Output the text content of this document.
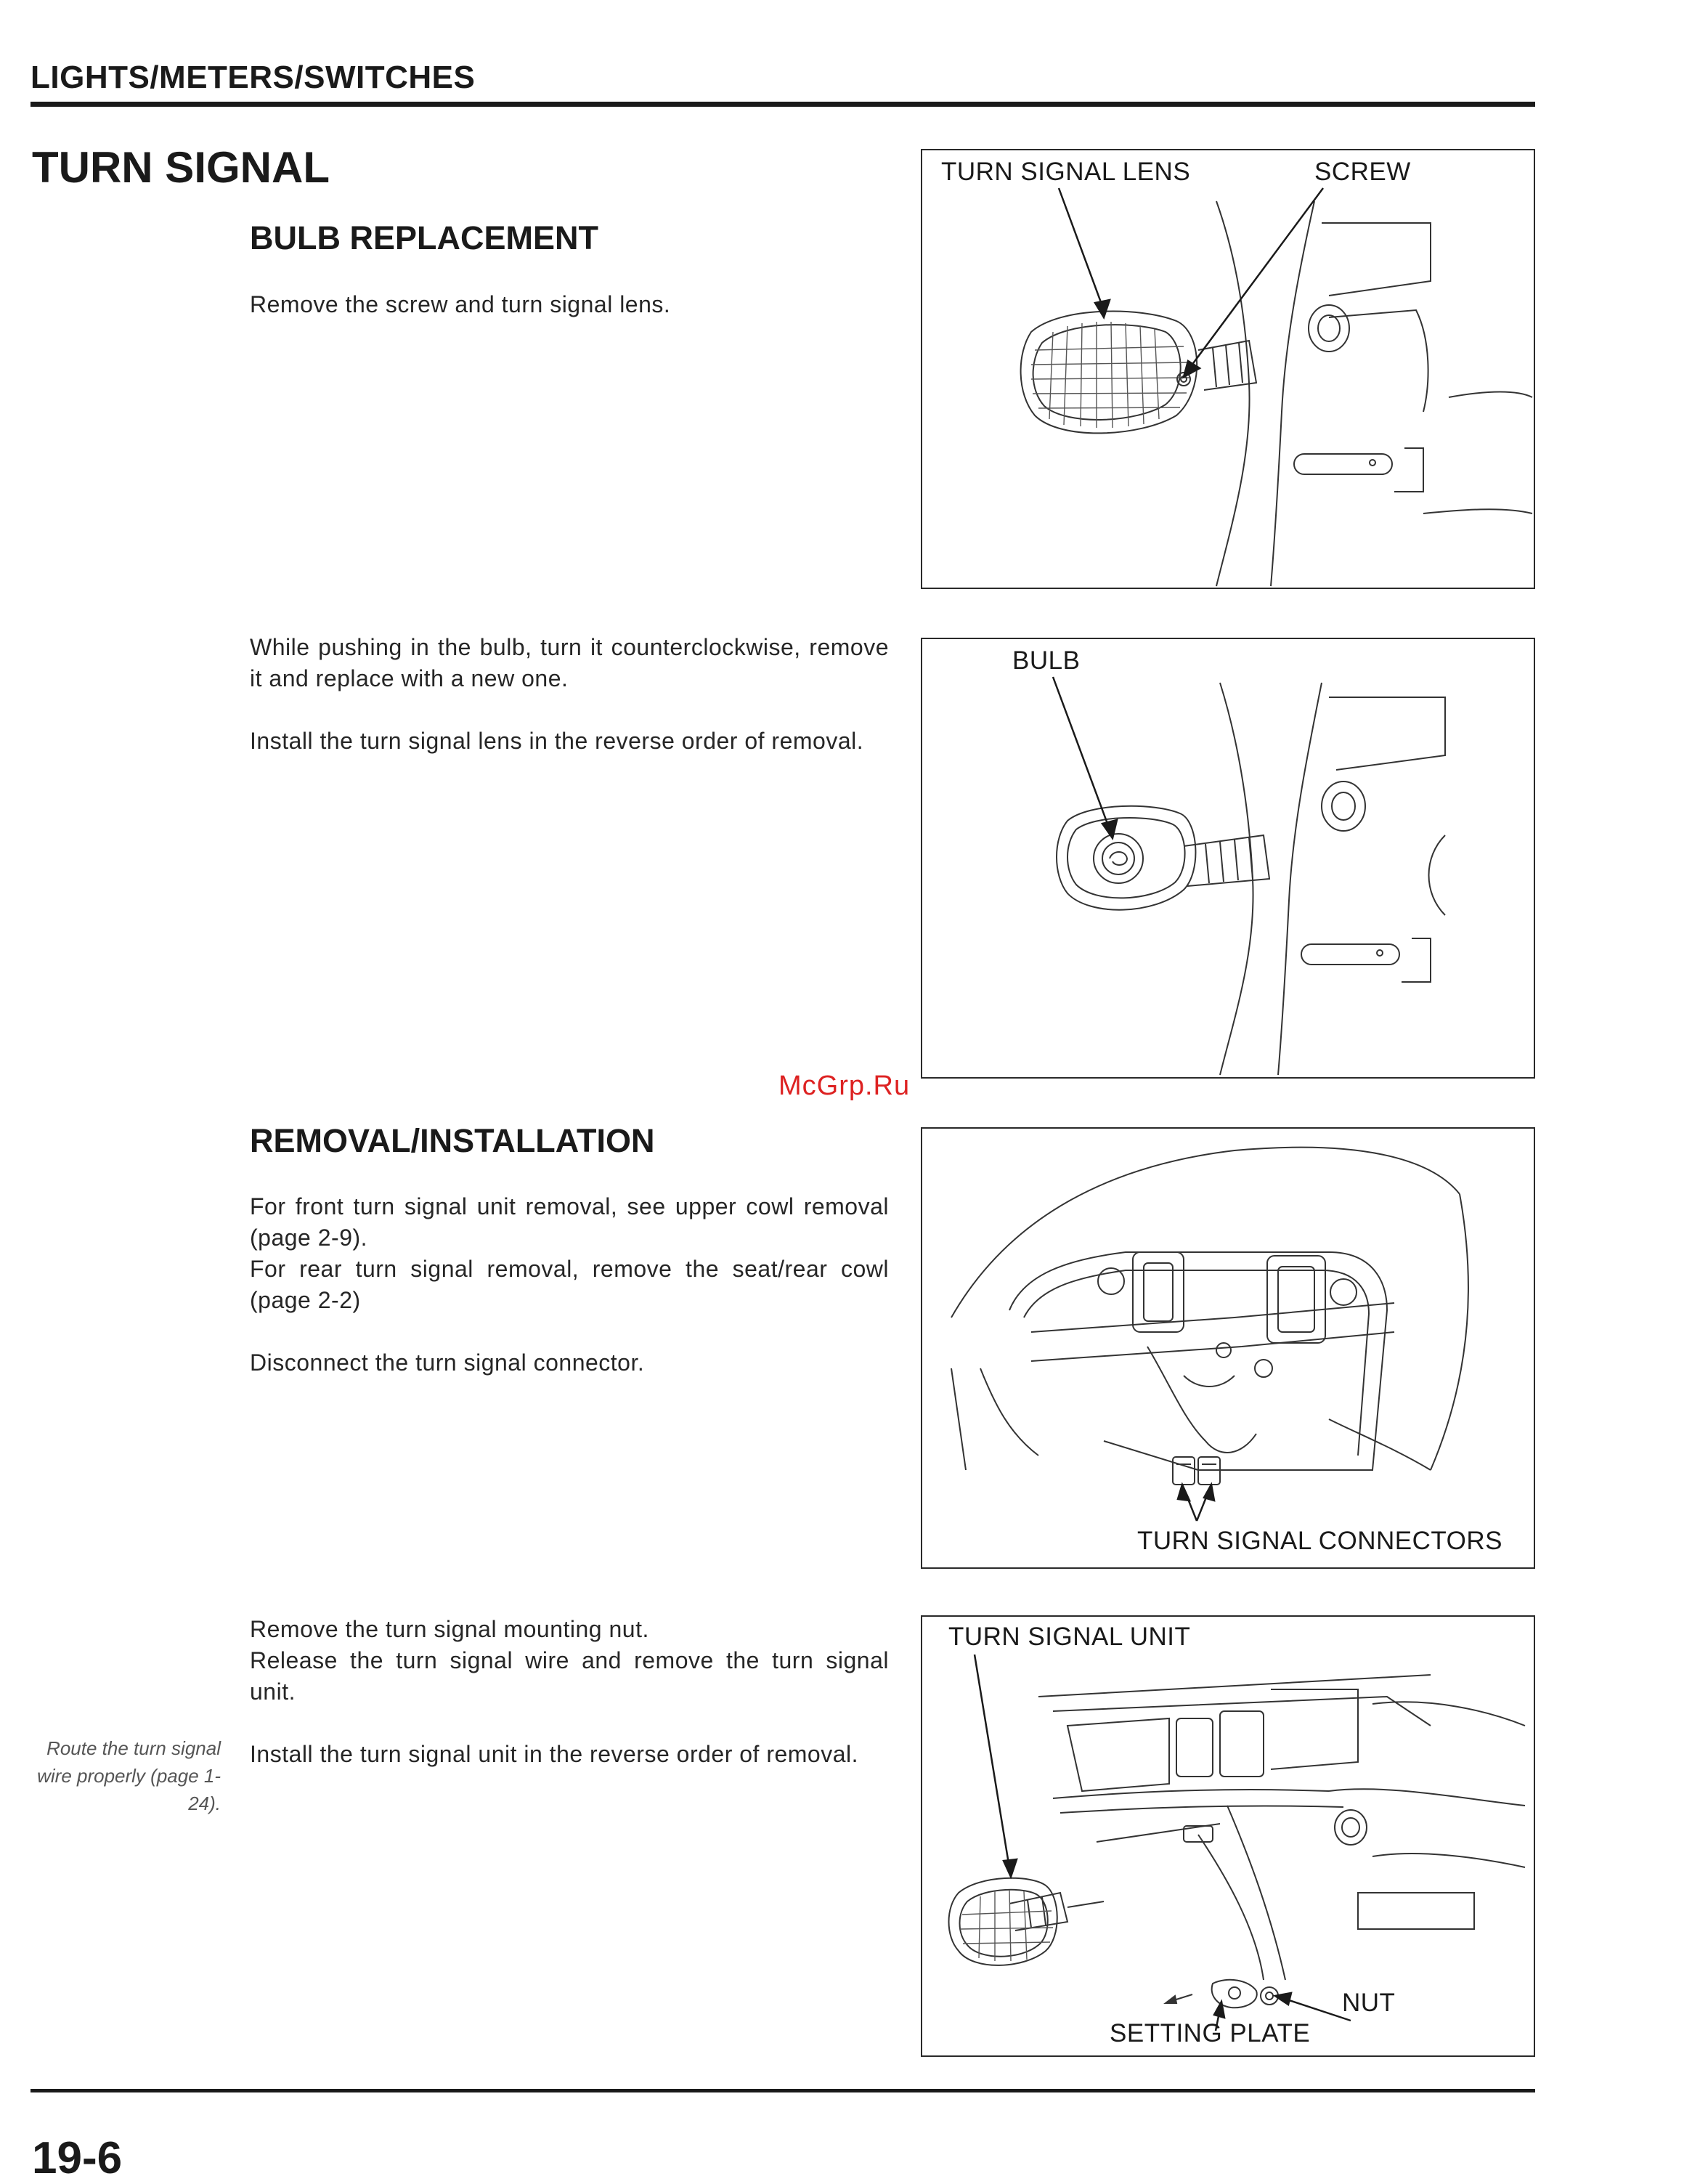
LIGHTS/METERS/SWITCHES
TURN SIGNAL
BULB REPLACEMENT

Remove the screw and turn signal lens.

While pushing in the bulb, turn it counterclockwise, remove it and replace with a new one.

Install the turn signal lens in the reverse order of removal.

REMOVAL/INSTALLATION

For front turn signal unit removal, see upper cowl removal (page 2-9).

For rear turn signal removal, remove the seat/rear cowl (page 2-2)

Disconnect the turn signal connector.

Remove the turn signal mounting nut.

Release the turn signal wire and remove the turn signal unit.

Install the turn signal unit in the reverse order of removal.

Route the turn signal wire properly (page 1-24).
TURN SIGNAL LENS	SCREW
BULB
McGrp.Ru
TURN SIGNAL CONNECTORS
TURN SIGNAL UNIT
NUT
SETTING PLATE
19-6
